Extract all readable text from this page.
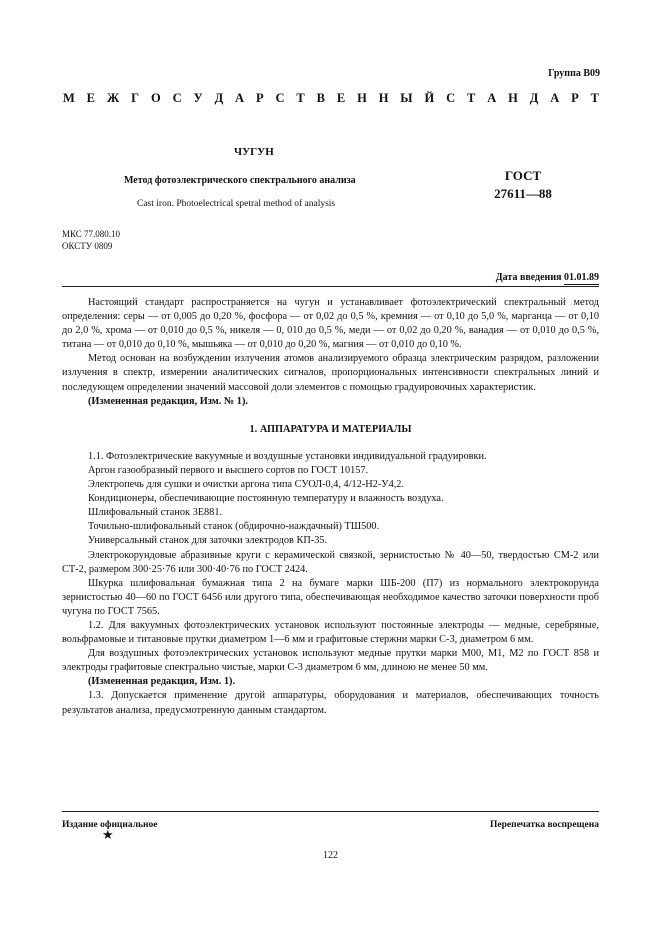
Группа В09
М Е Ж Г О С У Д А Р С Т В Е Н Н Ы Й С Т А Н Д А Р Т
ЧУГУН
Метод фотоэлектрического спектрального анализа
Cast iron. Photoelectrical spetral method of analysis
ГОСТ
27611—88
МКС 77.080.10
ОКСТУ 0809
Дата введения 01.01.89

Настоящий стандарт распространяется на чугун и устанавливает фотоэлектрический спектральный метод определения: серы — от 0,005 до 0,20 %, фосфора — от 0,02 до 0,5 %, кремния — от 0,10 до 5,0 %, марганца — от 0,10 до 2,0 %, хрома — от 0,010 до 0,5 %, никеля — 0, 010 до 0,5 %, меди — от 0,02 до 0,20 %, ванадия — от 0,010 до 0,5 %, титана — от 0,010 до 0,10 %, мышьяка — от 0,010 до 0,20 %, магния — от 0,010 до 0,10 %.

Метод основан на возбуждении излучения атомов анализируемого образца электрическим разрядом, разложении излучения в спектр, измерении аналитических сигналов, пропорциональных интенсивности спектральных линий и последующем определении значений массовой доли элементов с помощью градуировочных характеристик.

(Измененная редакция, Изм. № 1).

1. АППАРАТУРА И МАТЕРИАЛЫ

1.1. Фотоэлектрические вакуумные и воздушные установки индивидуальной градуировки.

Аргон газообразный первого и высшего сортов по ГОСТ 10157.

Электропечь для сушки и очистки аргона типа СУОЛ-0,4, 4/12-Н2-У4,2.

Кондиционеры, обеспечивающие постоянную температуру и влажность воздуха.

Шлифовальный станок 3Е881.

Точильно-шлифовальный станок (обдирочно-наждачный) ТШ500.

Универсальный станок для заточки электродов КП-35.

Электрокорундовые абразивные круги с керамической связкой, зернистостью № 40—50, твердостью СМ-2 или СТ-2, размером 300·25·76 или 300·40·76 по ГОСТ 2424.

Шкурка шлифовальная бумажная типа 2 на бумаге марки ШБ-200 (П7) из нормального электрокорунда зернистостью 40—60 по ГОСТ 6456 или другого типа, обеспечивающая необходимое качество заточки поверхности проб чугуна по ГОСТ 7565.

1.2. Для вакуумных фотоэлектрических установок используют постоянные электроды — медные, серебряные, вольфрамовые и титановые прутки диаметром 1—6 мм и графитовые стержни марки С-3, диаметром 6 мм.

Для воздушных фотоэлектрических установок используют медные прутки марки М00, М1, М2 по ГОСТ 858 и электроды графитовые спектрально чистые, марки С-3 диаметром 6 мм, длиною не менее 50 мм.

(Измененная редакция, Изм. 1).

1.3. Допускается применение другой аппаратуры, оборудования и материалов, обеспечивающих точность результатов анализа, предусмотренную данным стандартом.

Издание официальное
★
Перепечатка воспрещена
122
